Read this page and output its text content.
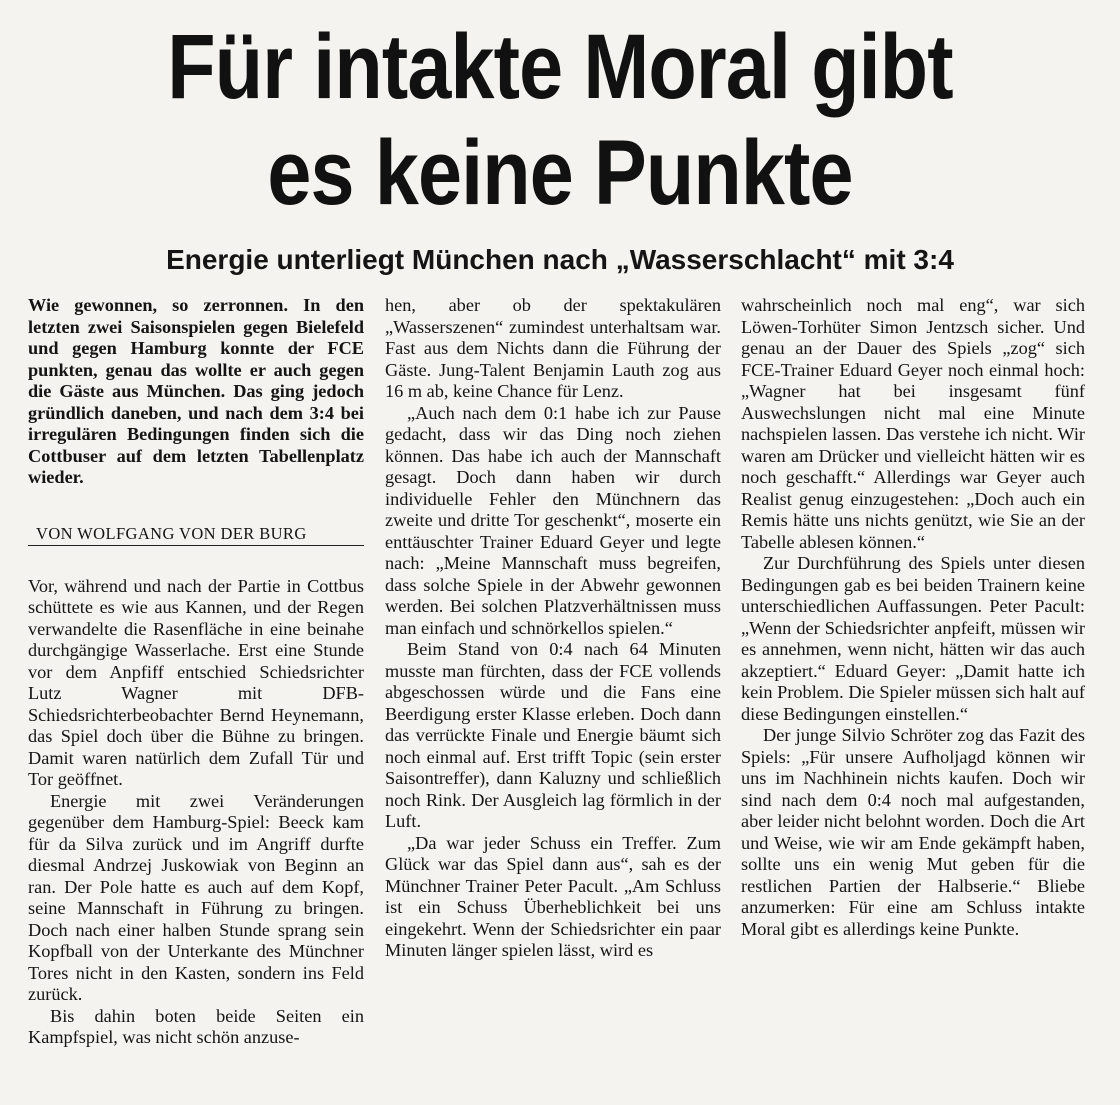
Für intakte Moral gibt
es keine Punkte
Energie unterliegt München nach „Wasserschlacht“ mit 3:4

Wie gewonnen, so zerronnen. In den letzten zwei Saisonspielen gegen Bielefeld und gegen Hamburg konnte der FCE punkten, genau das wollte er auch gegen die Gäste aus München. Das ging jedoch gründlich daneben, und nach dem 3:4 bei irregulären Bedingungen finden sich die Cottbuser auf dem letzten Tabellenplatz wieder.

VON WOLFGANG VON DER BURG

Vor, während und nach der Partie in Cottbus schüttete es wie aus Kannen, und der Regen verwandelte die Rasenfläche in eine beinahe durchgängige Wasserlache. Erst eine Stunde vor dem Anpfiff entschied Schiedsrichter Lutz Wagner mit DFB-Schiedsrichterbeobachter Bernd Heynemann, das Spiel doch über die Bühne zu bringen. Damit waren natürlich dem Zufall Tür und Tor geöffnet.

Energie mit zwei Veränderungen gegenüber dem Hamburg-Spiel: Beeck kam für da Silva zurück und im Angriff durfte diesmal Andrzej Juskowiak von Beginn an ran. Der Pole hatte es auch auf dem Kopf, seine Mannschaft in Führung zu bringen. Doch nach einer halben Stunde sprang sein Kopfball von der Unterkante des Münchner Tores nicht in den Kasten, sondern ins Feld zurück.

Bis dahin boten beide Seiten ein Kampfspiel, was nicht schön anzuse-

hen, aber ob der spektakulären „Wasserszenen“ zumindest unterhaltsam war. Fast aus dem Nichts dann die Führung der Gäste. Jung-Talent Benjamin Lauth zog aus 16 m ab, keine Chance für Lenz.

„Auch nach dem 0:1 habe ich zur Pause gedacht, dass wir das Ding noch ziehen können. Das habe ich auch der Mannschaft gesagt. Doch dann haben wir durch individuelle Fehler den Münchnern das zweite und dritte Tor geschenkt“, moserte ein enttäuschter Trainer Eduard Geyer und legte nach: „Meine Mannschaft muss begreifen, dass solche Spiele in der Abwehr gewonnen werden. Bei solchen Platzverhältnissen muss man einfach und schnörkellos spielen.“

Beim Stand von 0:4 nach 64 Minuten musste man fürchten, dass der FCE vollends abgeschossen würde und die Fans eine Beerdigung erster Klasse erleben. Doch dann das verrückte Finale und Energie bäumt sich noch einmal auf. Erst trifft Topic (sein erster Saisontreffer), dann Kaluzny und schließlich noch Rink. Der Ausgleich lag förmlich in der Luft.

„Da war jeder Schuss ein Treffer. Zum Glück war das Spiel dann aus“, sah es der Münchner Trainer Peter Pacult. „Am Schluss ist ein Schuss Überheblichkeit bei uns eingekehrt. Wenn der Schiedsrichter ein paar Minuten länger spielen lässt, wird es

wahrscheinlich noch mal eng“, war sich Löwen-Torhüter Simon Jentzsch sicher. Und genau an der Dauer des Spiels „zog“ sich FCE-Trainer Eduard Geyer noch einmal hoch: „Wagner hat bei insgesamt fünf Auswechslungen nicht mal eine Minute nachspielen lassen. Das verstehe ich nicht. Wir waren am Drücker und vielleicht hätten wir es noch geschafft.“ Allerdings war Geyer auch Realist genug einzugestehen: „Doch auch ein Remis hätte uns nichts genützt, wie Sie an der Tabelle ablesen können.“

Zur Durchführung des Spiels unter diesen Bedingungen gab es bei beiden Trainern keine unterschiedlichen Auffassungen. Peter Pacult: „Wenn der Schiedsrichter anpfeift, müssen wir es annehmen, wenn nicht, hätten wir das auch akzeptiert.“ Eduard Geyer: „Damit hatte ich kein Problem. Die Spieler müssen sich halt auf diese Bedingungen einstellen.“

Der junge Silvio Schröter zog das Fazit des Spiels: „Für unsere Aufholjagd können wir uns im Nachhinein nichts kaufen. Doch wir sind nach dem 0:4 noch mal aufgestanden, aber leider nicht belohnt worden. Doch die Art und Weise, wie wir am Ende gekämpft haben, sollte uns ein wenig Mut geben für die restlichen Partien der Halbserie.“ Bliebe anzumerken: Für eine am Schluss intakte Moral gibt es allerdings keine Punkte.
